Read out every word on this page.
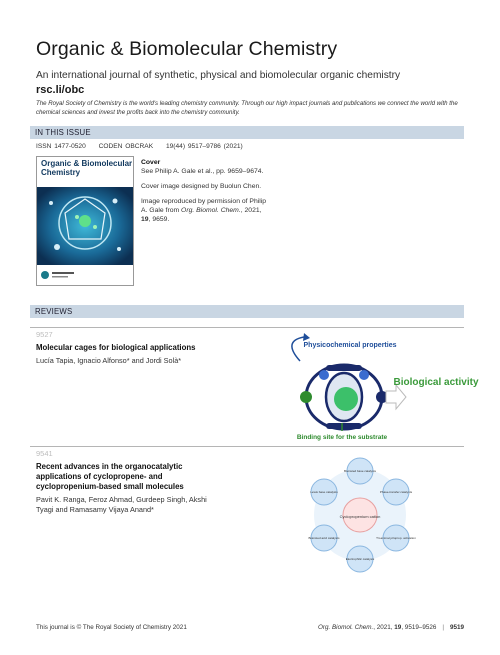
Organic & Biomolecular Chemistry
An international journal of synthetic, physical and biomolecular organic chemistry
rsc.li/obc
The Royal Society of Chemistry is the world's leading chemistry community. Through our high impact journals and publications we connect the world with the chemical sciences and invest the profits back into the chemistry community.
IN THIS ISSUE
ISSN 1477-0520 CODEN OBCRAK 19(44) 9517–9786 (2021)
Organic & Biomolecular Chemistry

Cover
See Philip A. Gale et al., pp. 9659–9674.

Cover image designed by Buolun Chen.

Image reproduced by permission of Philip A. Gale from Org. Biomol. Chem., 2021, 19, 9659.

REVIEWS
9527
Molecular cages for biological applications
Lucía Tapia, Ignacio Alfonso* and Jordi Solà*
Physicochemical properties
Biological activity
Binding site for the substrate
9541
Recent advances in the organocatalytic applications of cyclopropene- and cyclopropenium-based small molecules
Pavit K. Ranga, Feroz Ahmad, Gurdeep Singh, Akshi Tyagi and Ramasamy Vijaya Anand*
Cyclopropenium cation
Brønsted base catalysts
Phase-transfer catalysts
Tri-aminocycloprop. activation
Electrophilic catalysis
Brønsted acid catalysts
Lewis base catalysts
This journal is © The Royal Society of Chemistry 2021	Org. Biomol. Chem., 2021, 19, 9519–9526 | 9519
